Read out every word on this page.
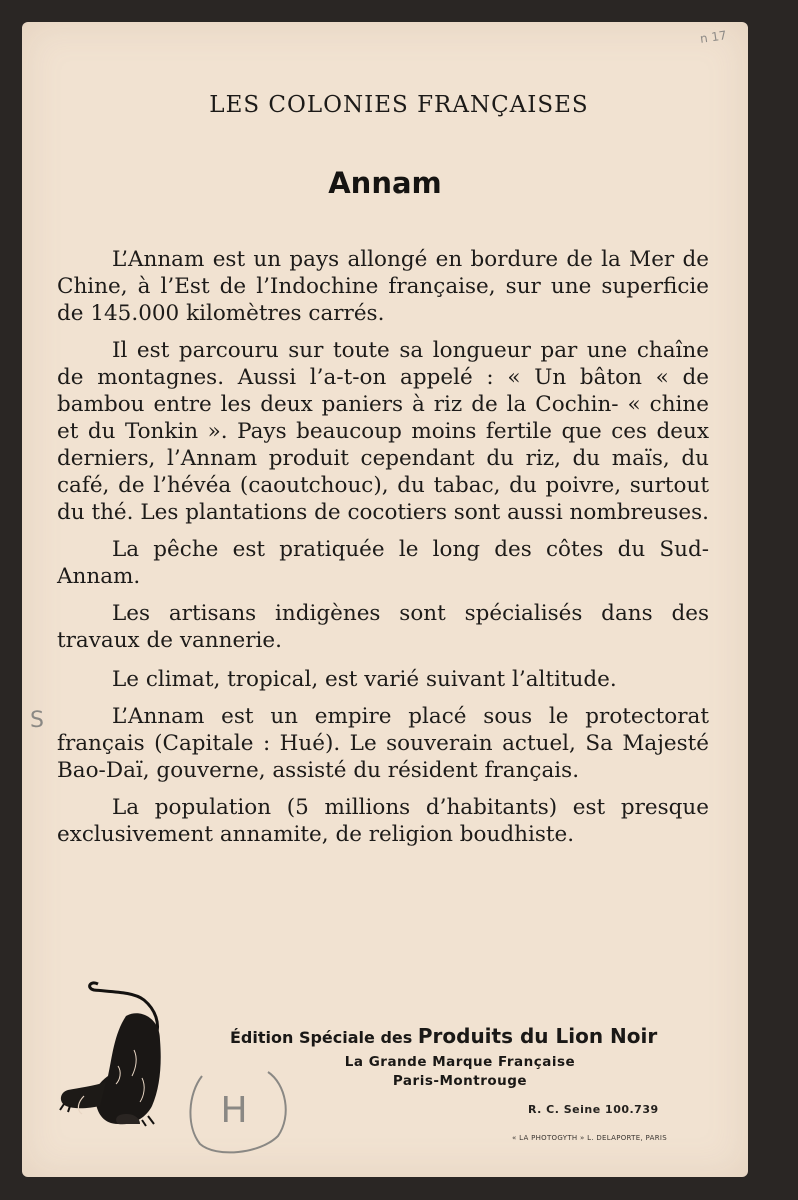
n 17
LES COLONIES FRANÇAISES
Annam

L’Annam est un pays allongé en bordure de la Mer de Chine, à l’Est de l’Indochine française, sur une superficie de 145.000 kilomètres carrés.

Il est parcouru sur toute sa longueur par une chaîne de montagnes. Aussi l’a-t-on appelé : « Un bâton « de bambou entre les deux paniers à riz de la Cochin- « chine et du Tonkin ». Pays beaucoup moins fertile que ces deux derniers, l’Annam produit cependant du riz, du maïs, du café, de l’hévéa (caoutchouc), du tabac, du poivre, surtout du thé. Les plantations de cocotiers sont aussi nombreuses.

La pêche est pratiquée le long des côtes du Sud-Annam.

Les artisans indigènes sont spécialisés dans des travaux de vannerie.

Le climat, tropical, est varié suivant l’altitude.

L’Annam est un empire placé sous le protectorat français (Capitale : Hué). Le souverain actuel, Sa Majesté Bao-Daï, gouverne, assisté du résident français.

La population (5 millions d’habitants) est presque exclusivement annamite, de religion boudhiste.

S
H
Édition Spéciale des Produits du Lion Noir
La Grande Marque Française
Paris-Montrouge
R. C. Seine 100.739
« LA PHOTOGYTH » L. DELAPORTE, PARIS
